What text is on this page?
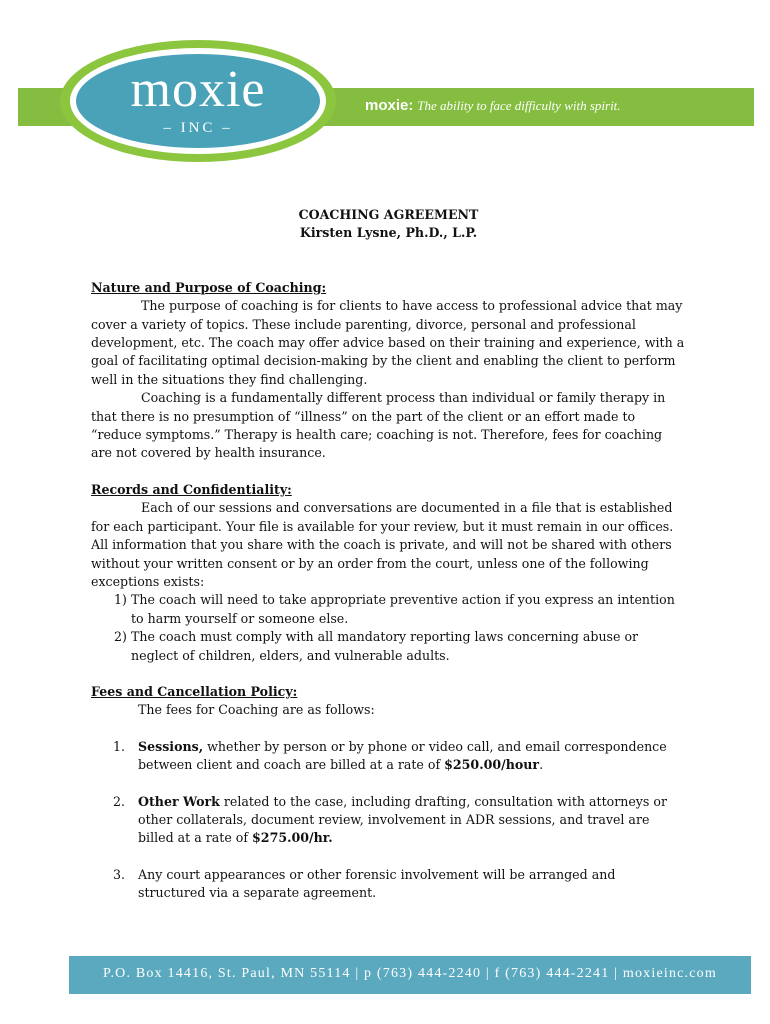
moxie: The ability to face difficulty with spirit.
moxie
– INC –
COACHING AGREEMENT
Kirsten Lysne, Ph.D., L.P.
Nature and Purpose of Coaching:

The purpose of coaching is for clients to have access to professional advice that may cover a variety of topics. These include parenting, divorce, personal and professional development, etc. The coach may offer advice based on their training and experience, with a goal of facilitating optimal decision-making by the client and enabling the client to perform well in the situations they find challenging.

Coaching is a fundamentally different process than individual or family therapy in that there is no presumption of “illness” on the part of the client or an effort made to “reduce symptoms.” Therapy is health care; coaching is not. Therefore, fees for coaching are not covered by health insurance.

Records and Confidentiality:

Each of our sessions and conversations are documented in a file that is established for each participant. Your file is available for your review, but it must remain in our offices. All information that you share with the coach is private, and will not be shared with others without your written consent or by an order from the court, unless one of the following exceptions exists:

1) The coach will need to take appropriate preventive action if you express an intention to harm yourself or someone else.
2) The coach must comply with all mandatory reporting laws concerning abuse or neglect of children, elders, and vulnerable adults.
Fees and Cancellation Policy:
The fees for Coaching are as follows:
1.	Sessions, whether by person or by phone or video call, and email correspondence between client and coach are billed at a rate of $250.00/hour.
2.	Other Work related to the case, including drafting, consultation with attorneys or other collaterals, document review, involvement in ADR sessions, and travel are billed at a rate of $275.00/hr.
3.	Any court appearances or other forensic involvement will be arranged and structured via a separate agreement.
P.O. Box 14416, St. Paul, MN 55114 | p (763) 444-2240 | f (763) 444-2241 | moxieinc.com
